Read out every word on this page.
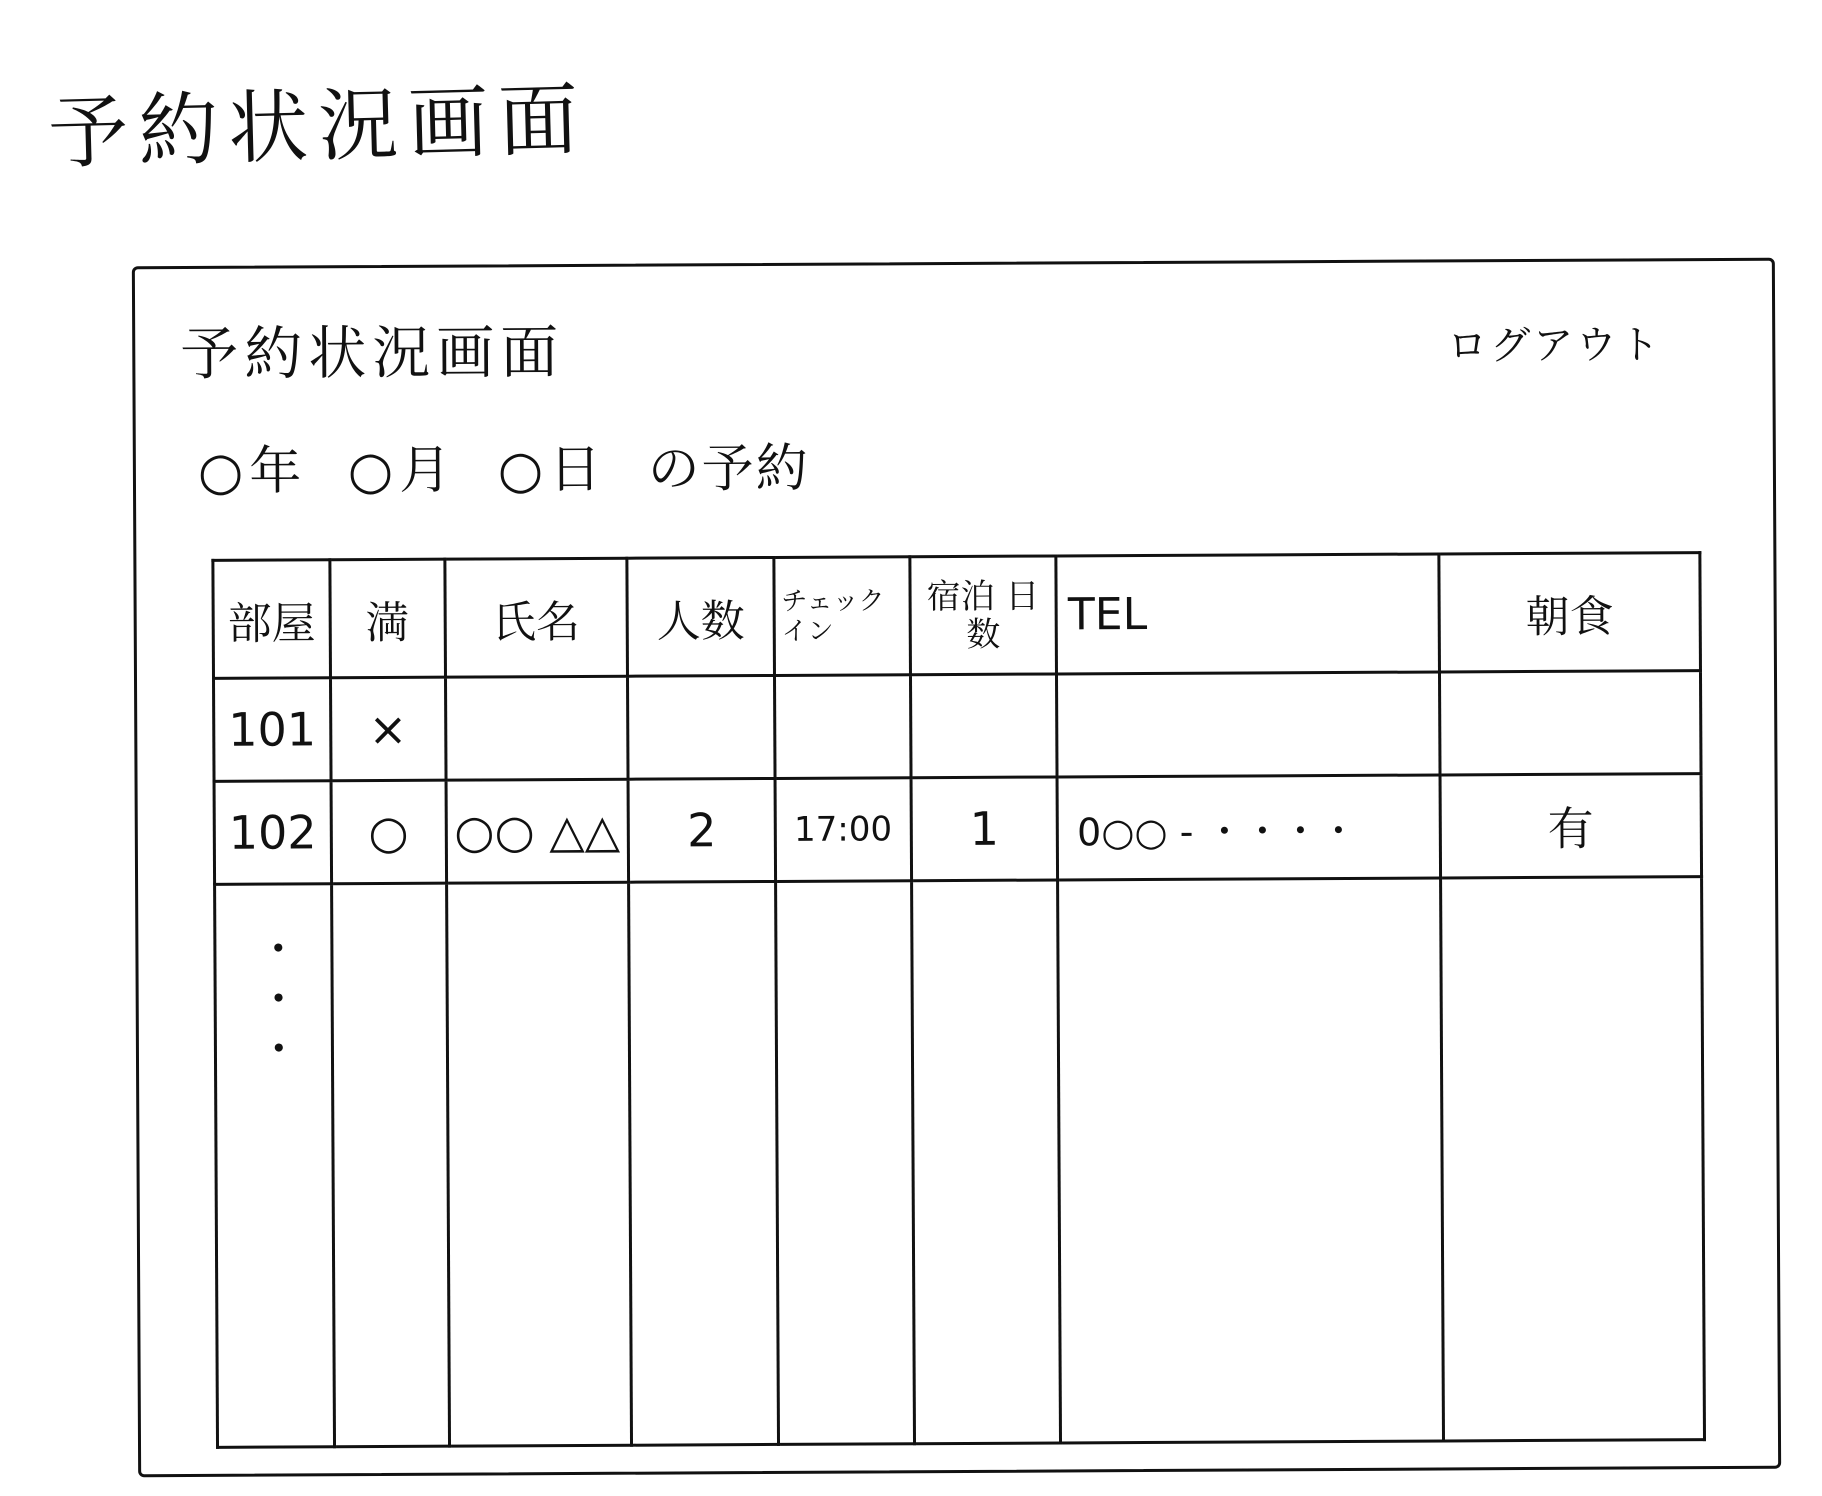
予約状況画面
予約状況画面	ログアウト
○年 ○月 ○日 の予約
部屋	満	氏名	人数	チェック イン	宿泊 日数	TEL	朝食
101	×						
102	○	○○ △△	2	17:00	1	0○○ - ・・・・	有
・・・							
